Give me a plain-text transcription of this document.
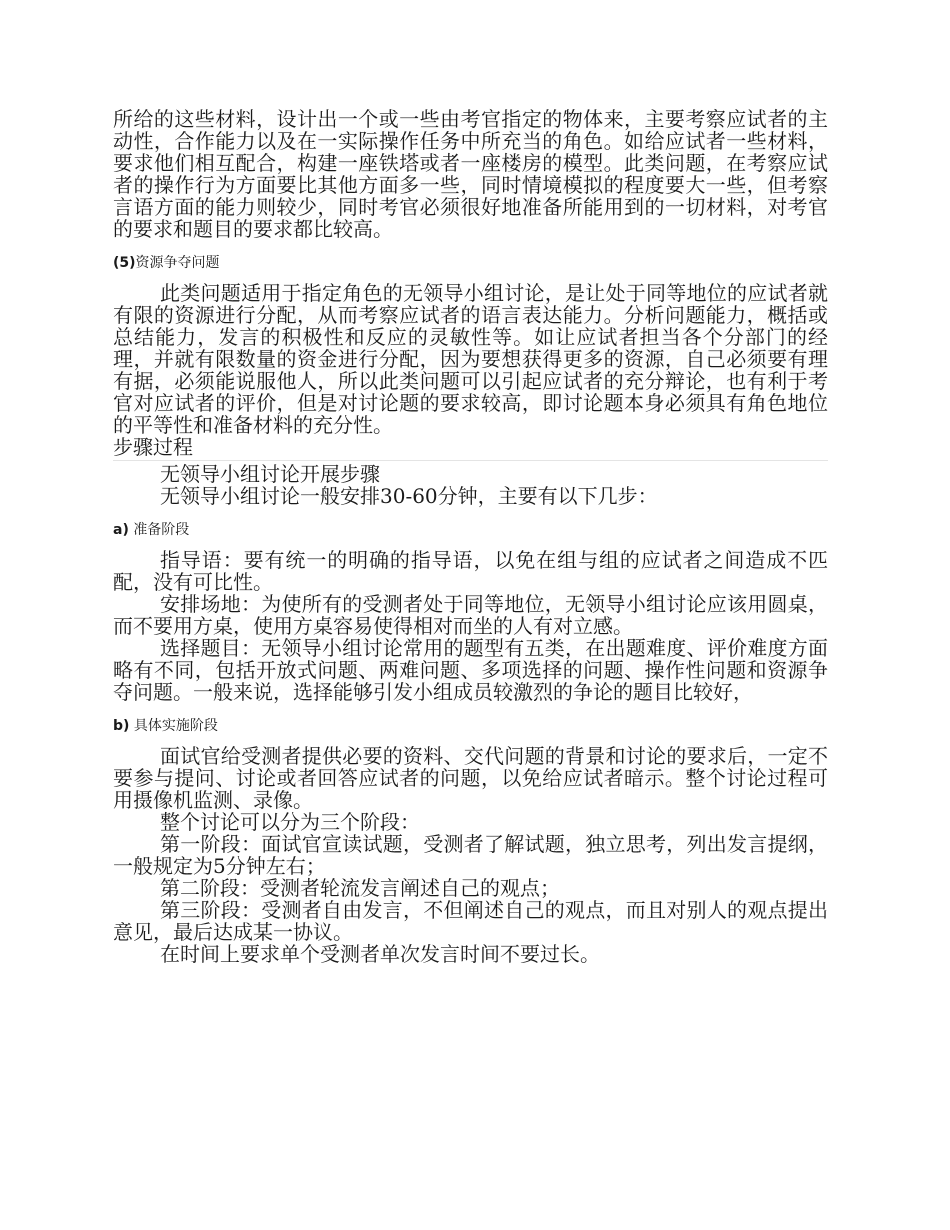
所给的这些材料，设计出一个或一些由考官指定的物体来，主要考察应试者的主动性，合作能力以及在一实际操作任务中所充当的角色。如给应试者一些材料，要求他们相互配合，构建一座铁塔或者一座楼房的模型。此类问题，在考察应试者的操作行为方面要比其他方面多一些，同时情境模拟的程度要大一些，但考察言语方面的能力则较少，同时考官必须很好地准备所能用到的一切材料，对考官的要求和题目的要求都比较高。

(5)资源争夺问题

此类问题适用于指定角色的无领导小组讨论，是让处于同等地位的应试者就有限的资源进行分配，从而考察应试者的语言表达能力。分析问题能力，概括或总结能力，发言的积极性和反应的灵敏性等。如让应试者担当各个分部门的经理，并就有限数量的资金进行分配，因为要想获得更多的资源，自己必须要有理有据，必须能说服他人，所以此类问题可以引起应试者的充分辩论，也有利于考官对应试者的评价，但是对讨论题的要求较高，即讨论题本身必须具有角色地位的平等性和准备材料的充分性。

步骤过程

无领导小组讨论开展步骤

无领导小组讨论一般安排30-60分钟，主要有以下几步：

a) 准备阶段

指导语：要有统一的明确的指导语，以免在组与组的应试者之间造成不匹配，没有可比性。

安排场地：为使所有的受测者处于同等地位，无领导小组讨论应该用圆桌，而不要用方桌，使用方桌容易使得相对而坐的人有对立感。

选择题目：无领导小组讨论常用的题型有五类，在出题难度、评价难度方面略有不同，包括开放式问题、两难问题、多项选择的问题、操作性问题和资源争夺问题。一般来说，选择能够引发小组成员较激烈的争论的题目比较好，

b) 具体实施阶段

面试官给受测者提供必要的资料、交代问题的背景和讨论的要求后，一定不要参与提问、讨论或者回答应试者的问题，以免给应试者暗示。整个讨论过程可用摄像机监测、录像。

整个讨论可以分为三个阶段：

第一阶段：面试官宣读试题，受测者了解试题，独立思考，列出发言提纲，一般规定为5分钟左右；

第二阶段：受测者轮流发言阐述自己的观点；

第三阶段：受测者自由发言，不但阐述自己的观点，而且对别人的观点提出意见，最后达成某一协议。

在时间上要求单个受测者单次发言时间不要过长。
